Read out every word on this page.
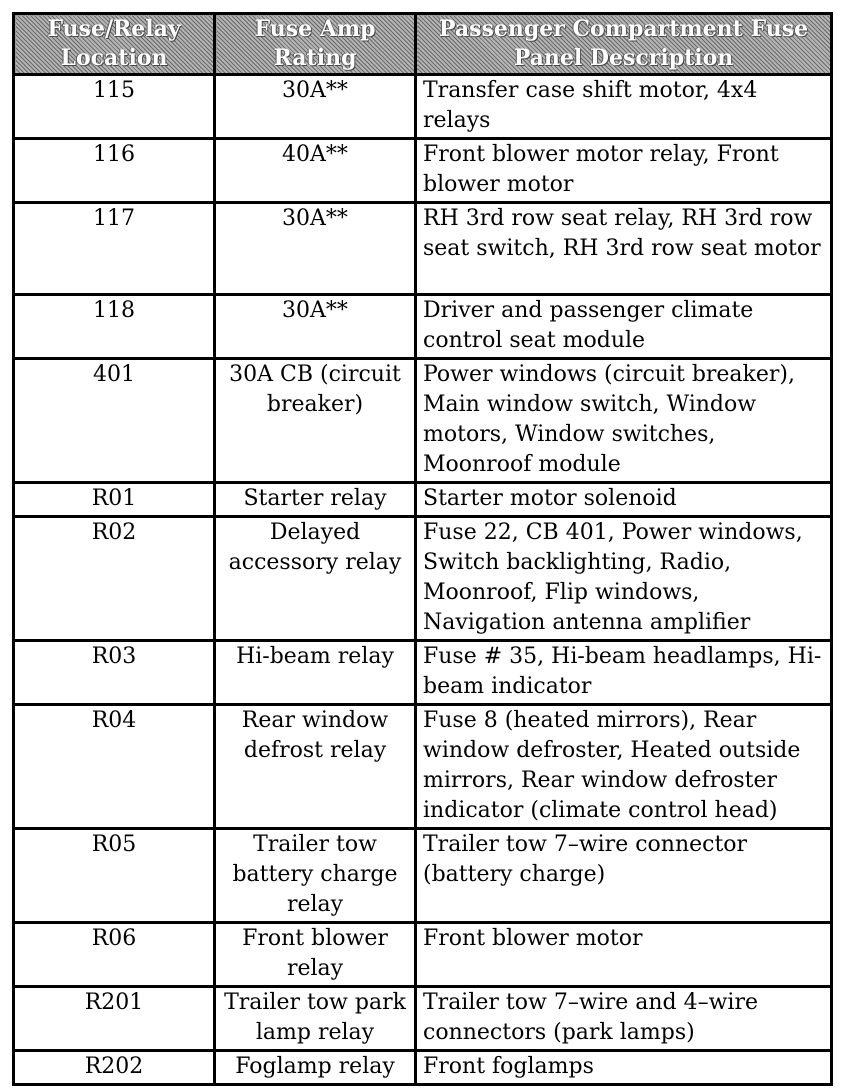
Fuse/Relay Location	Fuse Amp Rating	Passenger Compartment Fuse Panel Description
115	30A**	Transfer case shift motor, 4x4 relays
116	40A**	Front blower motor relay, Front blower motor
117	30A**	RH 3rd row seat relay, RH 3rd row seat switch, RH 3rd row seat motor
118	30A**	Driver and passenger climate control seat module
401	30A CB (circuit breaker)	Power windows (circuit breaker), Main window switch, Window motors, Window switches, Moonroof module
R01	Starter relay	Starter motor solenoid
R02	Delayed accessory relay	Fuse 22, CB 401, Power windows, Switch backlighting, Radio, Moonroof, Flip windows, Navigation antenna amplifier
R03	Hi-beam relay	Fuse # 35, Hi-beam headlamps, Hi-beam indicator
R04	Rear window defrost relay	Fuse 8 (heated mirrors), Rear window defroster, Heated outside mirrors, Rear window defroster indicator (climate control head)
R05	Trailer tow battery charge relay	Trailer tow 7–wire connector (battery charge)
R06	Front blower relay	Front blower motor
R201	Trailer tow park lamp relay	Trailer tow 7–wire and 4–wire connectors (park lamps)
R202	Foglamp relay	Front foglamps
